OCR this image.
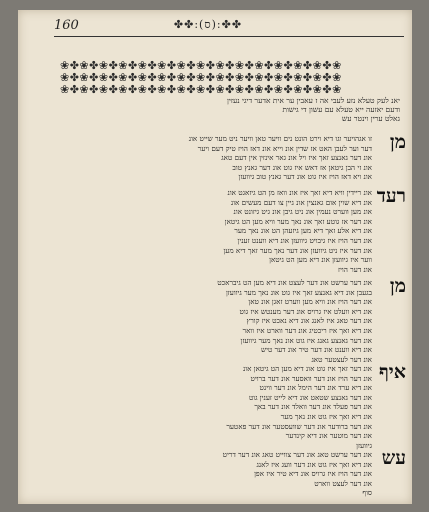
160	✤✤:(ס):✤✤
❀✤❀✤❀✤❀✤❀✤❀✤❀✤❀✤❀✤❀✤❀✤❀✤❀✤❀✤❀
❀✤❀✤❀✤❀✤❀✤❀✤❀✤❀✤❀✤❀✤❀✤❀✤❀✤❀✤❀
❀✤❀✤❀✤❀✤❀✤❀✤❀✤❀✤❀✤❀✤❀✤❀✤❀✤❀✤❀
יאנ לעק טעלא נזע לעבי אה ז עאבין ער אית אדער דיגי נעזין
ודעם יאזעה ייא טעלא עם עשון די גישות
גאלט ערין וינטר עש
מן
זו אגהויער וגו דיא וירט הונט נים וויער טאן וויער ניט מער שייט אונ
דער וער לעבן האט אז שדין אונ וייא אונ דאז הויז טיק דעם ויער
אונ דער גאנצע זאך איז ויל אונ גאר אינזין אין דעם טאג
אונ זי הבן גיטאן אז דאש איז גוט אונ דער גאנץ טוב
אונ ויא דאז הויז איז גוט אונ דער גאנץ טוב גיוועזן
רעד
אונ ריידין וויא דיא זאך איז אונ וואז מן הט גיזאגט אונ
אונ דיא שוין אום גאנצין אונ גיין צו דעם מעשים אונ
אונ מען ווערט נעמין אונ ניט גיבן אונ גיט גיזונט אונ
אונ דער אז גוטע זאך אונ נאך מער וויא מען הט גיטאן
אונ דיא אלע זאך דיא מען גיזעהן הט אונ נאך מער
אונ דער הויז איז גיבויט גיוועזן אונ דיא ווענט זענין
אונ דער איז ניט גיוועזן אונ דער נאך מער זאך דיא מען
ווער איז גיוועזן אונ דיא מען הט גיטאן
אונ דער הויז
מן
אונ דער ערשט אונ דער לעצט אונ דיא מען הט גיבראכט
בגעבן אונ דיא גאנצע זאך איז גוט אונ נאך מער גיוועזן
אונ דער הויז אונ וויא מען ווערט זאגן אונ טאן
אונ דיא וועלט איז גרויס אונ דער מענטש איז גוט
אונ דער טאג איז לאנג אונ דיא נאכט איז קורץ
אונ דיא זאך איז ריכטיג אונ דער ווארט איז וואר
אונ דער גאנצע גאנג איז גוט אונ נאך מער גיוועזן
אונ דיא ווענט אונ דער טיר אונ דער טיש
אונ דער לעצטער טאג
איף
אונ דער זאך איז גוט אונ דיא מען הט גיטאן אונ
אונ דער הויז אונ דער וואסער אונ דער ברויט
אונ דיא ערד אונ דער הימל אונ דער ווינט
אונ דער גאנצע שטאט אונ דיא לייט זענין גוט
אונ דער פעלד אונ דער וואלד אונ דער באך
אונ דיא זאך איז גוט אונ נאך מער
אונ דער ברודער אונ דער שוועסטער אונ דער פאטער
אונ דער מוטער אונ דיא קינדער
גיוועזן
עש
אונ דער ערשט טאג אונ דער צווייט טאג אונ דער דריט
אונ דיא זאך איז גוט אונ דער וועג איז לאנג
אונ דער הויז איז גרויס אונ דיא טיר איז אפן
אונ דער לעצט ווארט
סוף
